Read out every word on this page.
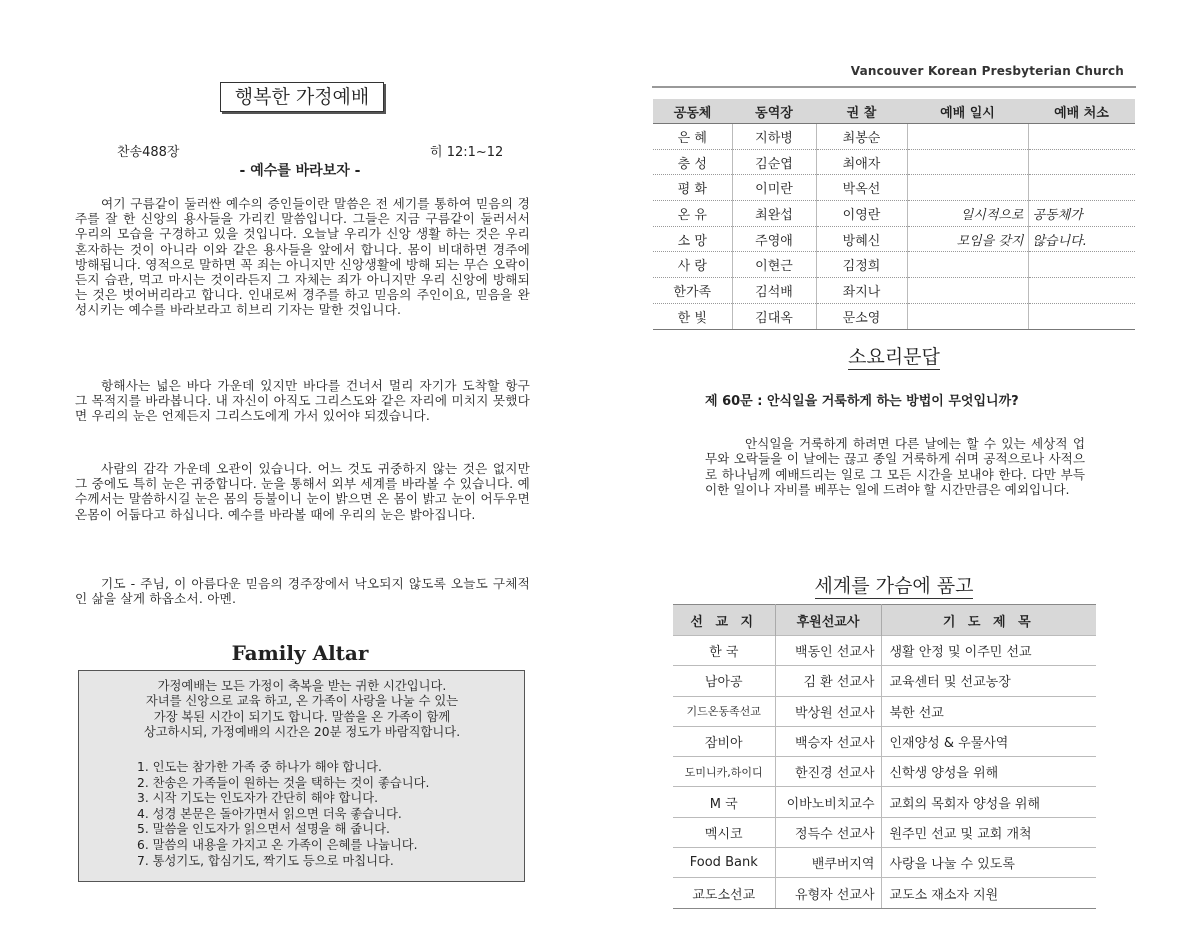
행복한 가정예배
찬송488장	히 12:1~12
- 예수를 바라보자 -

여기 구름같이 둘러싼 예수의 증인들이란 말씀은 전 세기를 통하여 믿음의 경주를 잘 한 신앙의 용사들을 가리킨 말씀입니다. 그들은 지금 구름같이 둘러서서 우리의 모습을 구경하고 있을 것입니다. 오늘날 우리가 신앙 생활 하는 것은 우리 혼자하는 것이 아니라 이와 같은 용사들을 앞에서 합니다. 몸이 비대하면 경주에 방해됩니다. 영적으로 말하면 꼭 죄는 아니지만 신앙생활에 방해 되는 무슨 오락이든지 습관, 먹고 마시는 것이라든지 그 자체는 죄가 아니지만 우리 신앙에 방해되는 것은 벗어버리라고 합니다. 인내로써 경주를 하고 믿음의 주인이요, 믿음을 완성시키는 예수를 바라보라고 히브리 기자는 말한 것입니다.

항해사는 넓은 바다 가운데 있지만 바다를 건너서 멀리 자기가 도착할 항구 그 목적지를 바라봅니다. 내 자신이 아직도 그리스도와 같은 자리에 미치지 못했다면 우리의 눈은 언제든지 그리스도에게 가서 있어야 되겠습니다.

사람의 감각 가운데 오관이 있습니다. 어느 것도 귀중하지 않는 것은 없지만 그 중에도 특히 눈은 귀중합니다. 눈을 통해서 외부 세계를 바라볼 수 있습니다. 예수께서는 말씀하시길 눈은 몸의 등불이니 눈이 밝으면 온 몸이 밝고 눈이 어두우면 온몸이 어둡다고 하십니다. 예수를 바라볼 때에 우리의 눈은 밝아집니다.

기도 - 주님, 이 아름다운 믿음의 경주장에서 낙오되지 않도록 오늘도 구체적인 삶을 살게 하옵소서. 아멘.

Family Altar

가정예배는 모든 가정이 축복을 받는 귀한 시간입니다.
자녀를 신앙으로 교육 하고, 온 가족이 사랑을 나눌 수 있는
가장 복된 시간이 되기도 합니다. 말씀을 온 가족이 함께
상고하시되, 가정예배의 시간은 20분 정도가 바람직합니다.

1. 인도는 참가한 가족 중 하나가 해야 합니다.
2. 찬송은 가족들이 원하는 것을 택하는 것이 좋습니다.
3. 시작 기도는 인도자가 간단히 해야 합니다.
4. 성경 본문은 돌아가면서 읽으면 더욱 좋습니다.
5. 말씀을 인도자가 읽으면서 설명을 해 줍니다.
6. 말씀의 내용을 가지고 온 가족이 은혜를 나눕니다.
7. 통성기도, 합심기도, 짝기도 등으로 마칩니다.
Vancouver Korean Presbyterian Church
공동체	동역장	권 찰	예배 일시	예배 처소
은 혜	지하병	최봉순		
충 성	김순엽	최애자		
평 화	이미란	박옥선		
온 유	최완섭	이영란	일시적으로	공동체가
소 망	주영애	방혜신	모임을 갖지	않습니다.
사 랑	이현근	김정희		
한가족	김석배	좌지나		
한 빛	김대옥	문소영		
소요리문답

제 60문 : 안식일을 거룩하게 하는 방법이 무엇입니까?

안식일을 거룩하게 하려면 다른 날에는 할 수 있는 세상적 업무와 오락들을 이 날에는 끊고 종일 거룩하게 쉬며 공적으로나 사적으로 하나님께 예배드리는 일로 그 모든 시간을 보내야 한다. 다만 부득이한 일이나 자비를 베푸는 일에 드려야 할 시간만큼은 예외입니다.

세계를 가슴에 품고
선 교 지	후원선교사	기 도 제 목
한 국	백동인 선교사	생활 안정 및 이주민 선교
남아공	김 환 선교사	교육센터 및 선교농장
기드온동족선교	박상원 선교사	북한 선교
잠비아	백승자 선교사	인재양성 & 우물사역
도미니카,하이디	한진경 선교사	신학생 양성을 위해
M 국	이바노비치교수	교회의 목회자 양성을 위해
멕시코	정득수 선교사	원주민 선교 및 교회 개척
Food Bank	밴쿠버지역	사랑을 나눌 수 있도록
교도소선교	유형자 선교사	교도소 재소자 지원
